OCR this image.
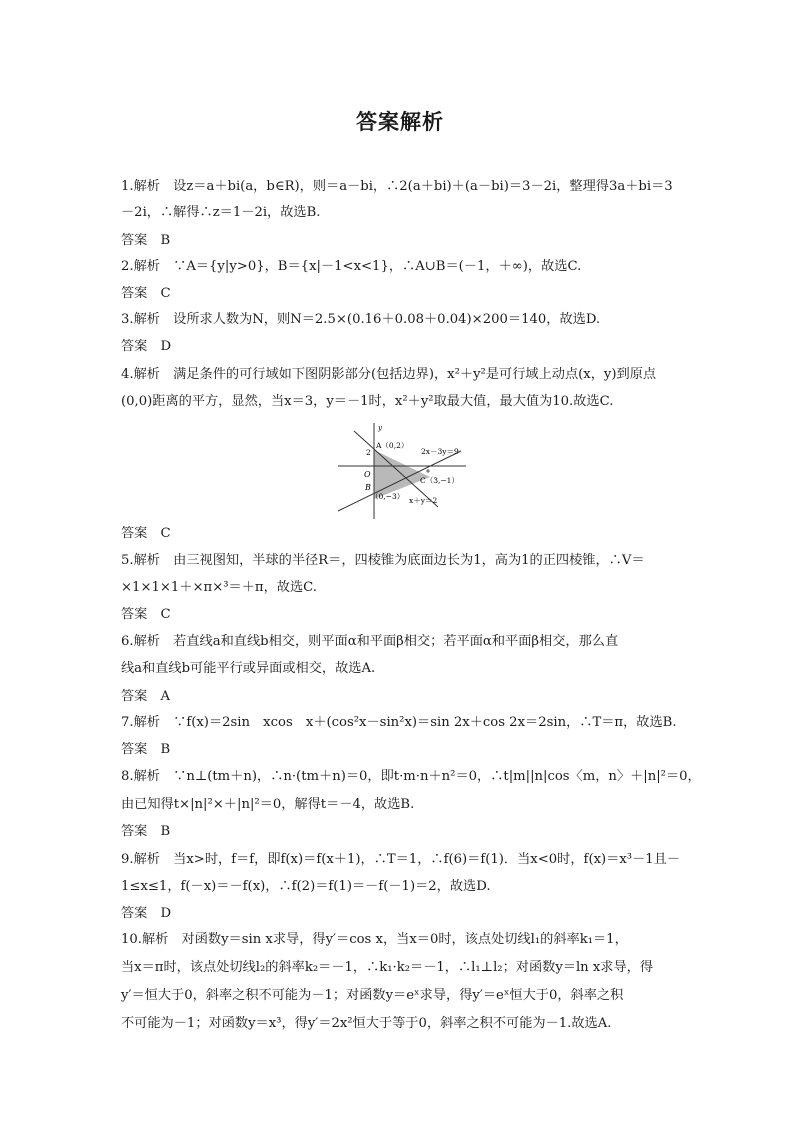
答案解析
1.解析　设z＝a＋bi(a，b∈R)，则＝a－bi，∴2(a＋bi)＋(a－bi)＝3－2i，整理得3a＋bi＝3
－2i，∴解得∴z＝1－2i，故选B.
答案　B
2.解析　∵A＝{y|y>0}，B＝{x|－1<x<1}，∴A∪B＝(－1，＋∞)，故选C.
答案　C
3.解析　设所求人数为N，则N＝2.5×(0.16＋0.08＋0.04)×200＝140，故选D.
答案　D
4.解析　满足条件的可行域如下图阴影部分(包括边界)，x²＋y²是可行域上动点(x，y)到原点
(0,0)距离的平方，显然，当x＝3，y＝－1时，x²＋y²取最大值，最大值为10.故选C.
y
A（0,2）
2	2x－3y＝9
O
C（3,−1）
B
（0,−3） x＋y＝2
答案　C
5.解析　由三视图知，半球的半径R＝，四棱锥为底面边长为1，高为1的正四棱锥，∴V＝
×1×1×1＋×π×³＝＋π，故选C.
答案　C
6.解析　若直线a和直线b相交，则平面α和平面β相交；若平面α和平面β相交，那么直
线a和直线b可能平行或异面或相交，故选A.
答案　A
7.解析　∵f(x)＝2sin　xcos　x＋(cos²x－sin²x)＝sin 2x＋cos 2x＝2sin，∴T＝π，故选B.
答案　B
8.解析　∵n⊥(tm＋n)，∴n·(tm＋n)＝0，即t·m·n＋n²＝0，∴t|m||n|cos〈m，n〉＋|n|²＝0，
由已知得t×|n|²×＋|n|²＝0，解得t＝－4，故选B.
答案　B
9.解析　当x>时，f＝f，即f(x)＝f(x＋1)，∴T＝1，∴f(6)＝f(1)．当x<0时，f(x)＝x³－1且－
1≤x≤1，f(－x)＝－f(x)，∴f(2)＝f(1)＝－f(－1)＝2，故选D.
答案　D
10.解析　对函数y＝sin x求导，得y′＝cos x，当x＝0时，该点处切线l₁的斜率k₁＝1，
当x＝π时，该点处切线l₂的斜率k₂＝－1，∴k₁·k₂＝－1，∴l₁⊥l₂；对函数y＝ln x求导，得
y′＝恒大于0，斜率之积不可能为－1；对函数y＝eˣ求导，得y′＝eˣ恒大于0，斜率之积
不可能为－1；对函数y＝x³，得y′＝2x²恒大于等于0，斜率之积不可能为－1.故选A.
